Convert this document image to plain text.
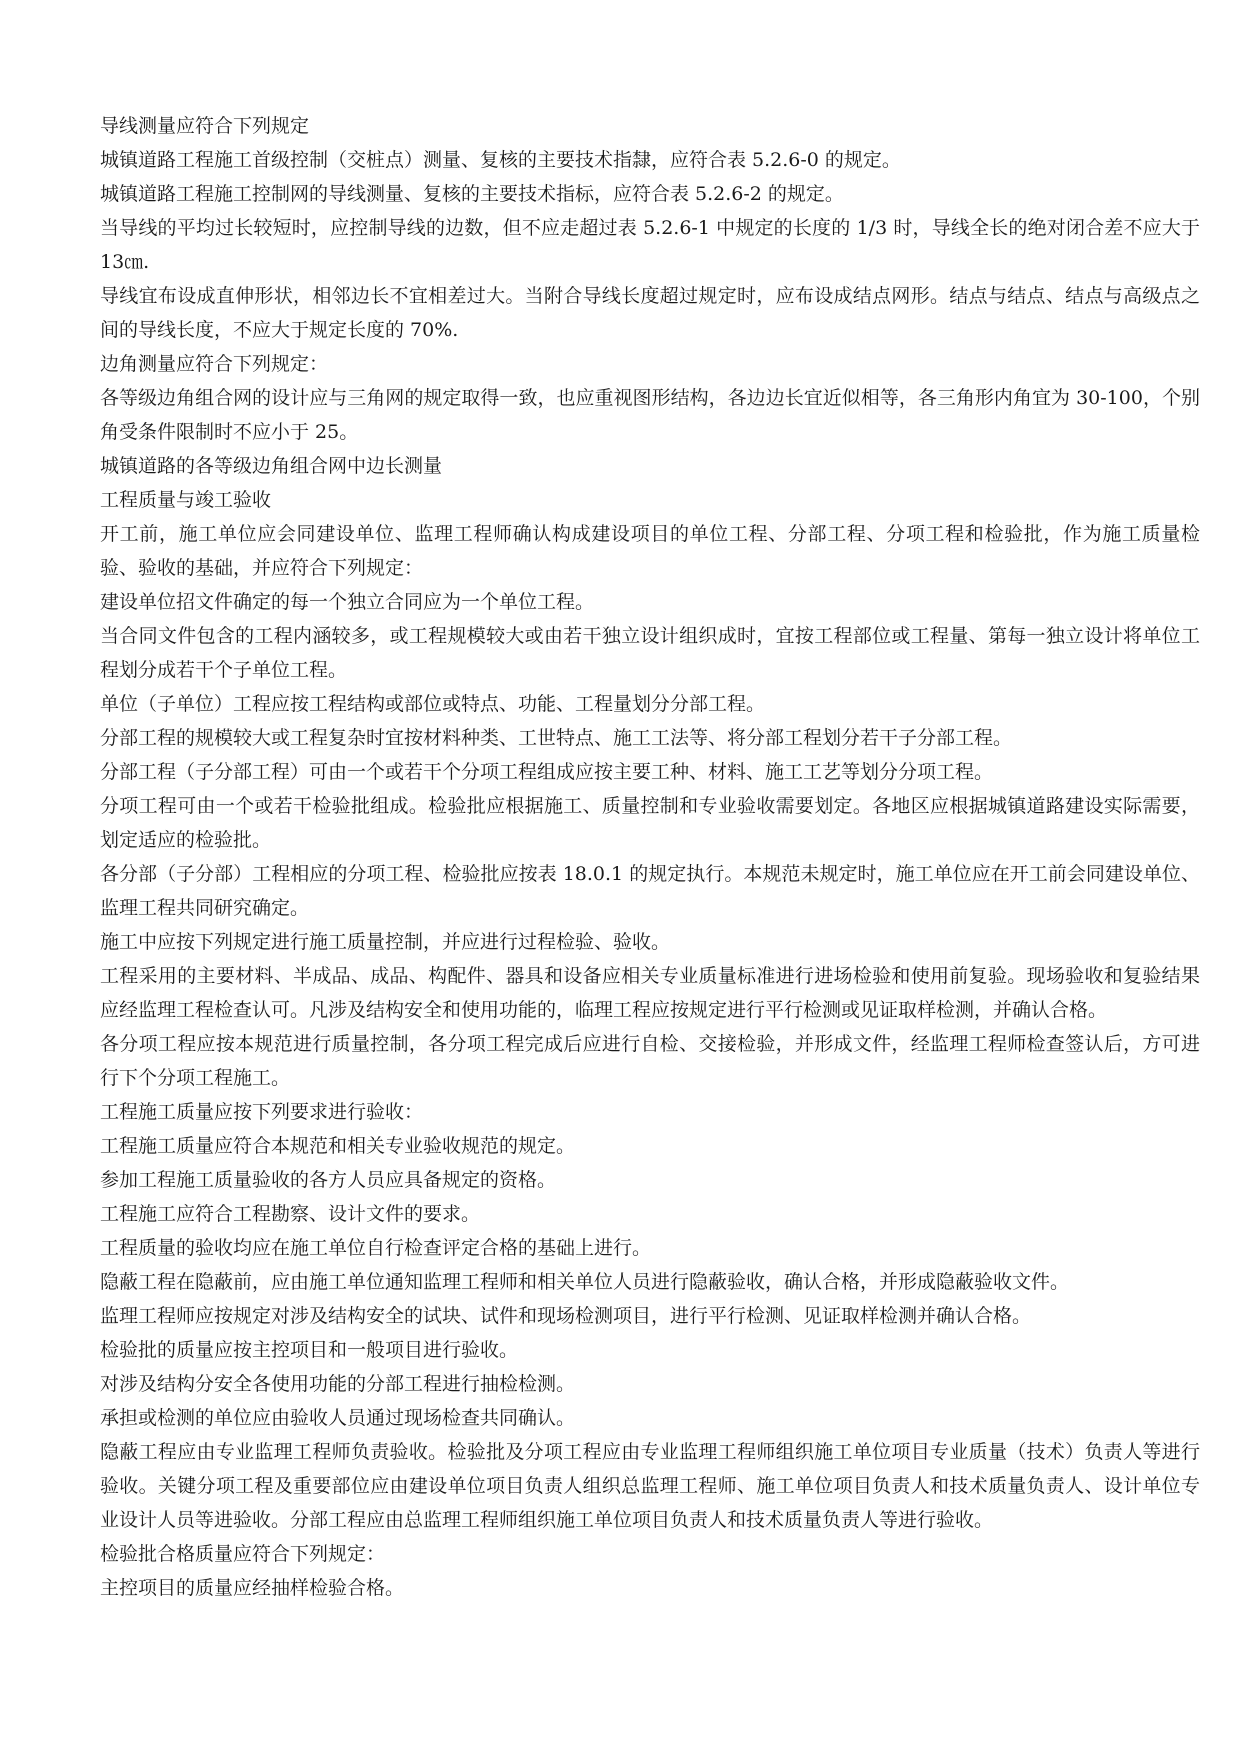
导线测量应符合下列规定

城镇道路工程施工首级控制（交桩点）测量、复核的主要技术指隸，应符合表 5.2.6-0 的规定。

城镇道路工程施工控制网的导线测量、复核的主要技术指标，应符合表 5.2.6-2 的规定。

当导线的平均过长较短时，应控制导线的边数，但不应走超过表 5.2.6-1 中规定的长度的 1/3 时，导线全长的绝对闭合差不应大于 13㎝.

导线宜布设成直伸形状，相邻边长不宜相差过大。当附合导线长度超过规定时，应布设成结点网形。结点与结点、结点与高级点之间的导线长度，不应大于规定长度的 70%.

边角测量应符合下列规定：

各等级边角组合网的设计应与三角网的规定取得一致，也应重视图形结构，各边边长宜近似相等，各三角形内角宜为 30-100，个别角受条件限制时不应小于 25。

城镇道路的各等级边角组合网中边长测量

工程质量与竣工验收

开工前，施工单位应会同建设单位、监理工程师确认构成建设项目的单位工程、分部工程、分项工程和检验批，作为施工质量检验、验收的基础，并应符合下列规定：

建设单位招文件确定的每一个独立合同应为一个单位工程。

当合同文件包含的工程内涵较多，或工程规模较大或由若干独立设计组织成时，宜按工程部位或工程量、第每一独立设计将单位工程划分成若干个子单位工程。

单位（子单位）工程应按工程结构或部位或特点、功能、工程量划分分部工程。

分部工程的规模较大或工程复杂时宜按材料种类、工世特点、施工工法等、将分部工程划分若干子分部工程。

分部工程（子分部工程）可由一个或若干个分项工程组成应按主要工种、材料、施工工艺等划分分项工程。

分项工程可由一个或若干检验批组成。检验批应根据施工、质量控制和专业验收需要划定。各地区应根据城镇道路建设实际需要，划定适应的检验批。

各分部（子分部）工程相应的分项工程、检验批应按表 18.0.1 的规定执行。本规范未规定时，施工单位应在开工前会同建设单位、监理工程共同研究确定。

施工中应按下列规定进行施工质量控制，并应进行过程检验、验收。

工程采用的主要材料、半成品、成品、构配件、器具和设备应相关专业质量标准进行进场检验和使用前复验。现场验收和复验结果应经监理工程检查认可。凡涉及结构安全和使用功能的，临理工程应按规定进行平行检测或见证取样检测，并确认合格。

各分项工程应按本规范进行质量控制，各分项工程完成后应进行自检、交接检验，并形成文件，经监理工程师检查签认后，方可进行下个分项工程施工。

工程施工质量应按下列要求进行验收：

工程施工质量应符合本规范和相关专业验收规范的规定。

参加工程施工质量验收的各方人员应具备规定的资格。

工程施工应符合工程勘察、设计文件的要求。

工程质量的验收均应在施工单位自行检查评定合格的基础上进行。

隐蔽工程在隐蔽前，应由施工单位通知监理工程师和相关单位人员进行隐蔽验收，确认合格，并形成隐蔽验收文件。

监理工程师应按规定对涉及结构安全的试块、试件和现场检测项目，进行平行检测、见证取样检测并确认合格。

检验批的质量应按主控项目和一般项目进行验收。

对涉及结构分安全各使用功能的分部工程进行抽检检测。

承担或检测的单位应由验收人员通过现场检查共同确认。

隐蔽工程应由专业监理工程师负责验收。检验批及分项工程应由专业监理工程师组织施工单位项目专业质量（技术）负责人等进行验收。关键分项工程及重要部位应由建设单位项目负责人组织总监理工程师、施工单位项目负责人和技术质量负责人、设计单位专业设计人员等进验收。分部工程应由总监理工程师组织施工单位项目负责人和技术质量负责人等进行验收。

检验批合格质量应符合下列规定：

主控项目的质量应经抽样检验合格。
